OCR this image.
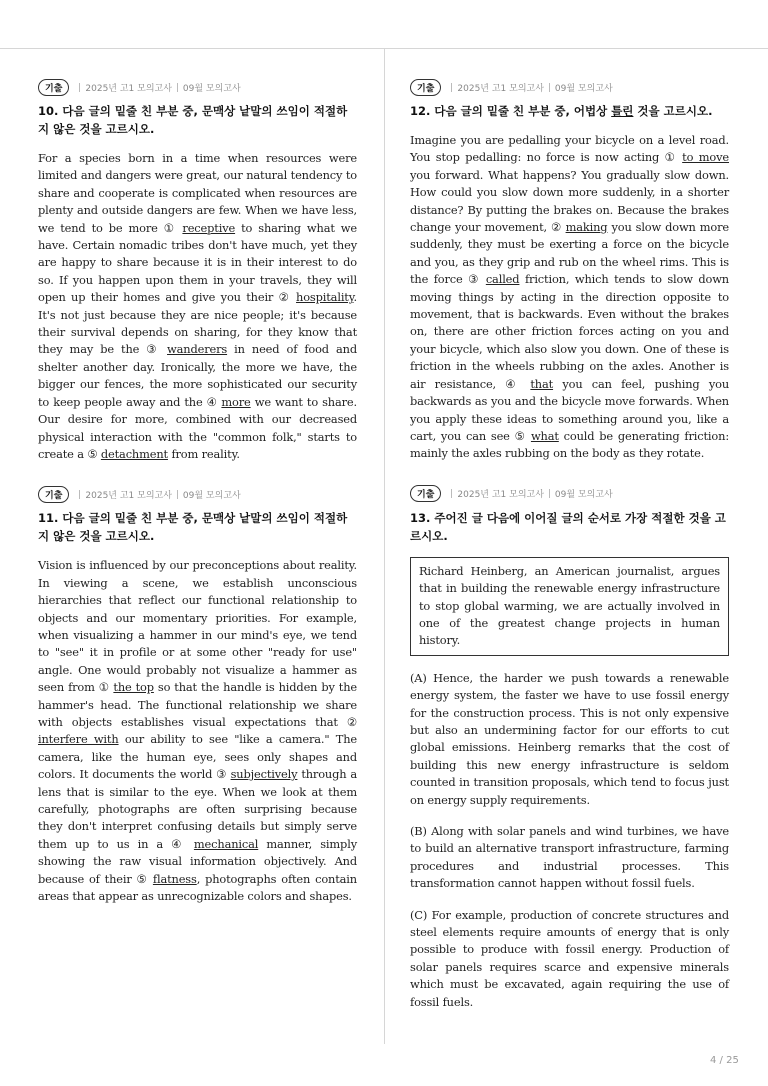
기출	2025년 고1 모의고사 09월 모의고사

10. 다음 글의 밑줄 친 부분 중, 문맥상 낱말의 쓰임이 적절하지 않은 것을 고르시오.

For a species born in a time when resources were limited and dangers were great, our natural tendency to share and cooperate is complicated when resources are plenty and outside dangers are few. When we have less, we tend to be more ① receptive to sharing what we have. Certain nomadic tribes don't have much, yet they are happy to share because it is in their interest to do so. If you happen upon them in your travels, they will open up their homes and give you their ② hospitality. It's not just because they are nice people; it's because their survival depends on sharing, for they know that they may be the ③ wanderers in need of food and shelter another day. Ironically, the more we have, the bigger our fences, the more sophisticated our security to keep people away and the ④ more we want to share. Our desire for more, combined with our decreased physical interaction with the "common folk," starts to create a ⑤ detachment from reality.

기출	2025년 고1 모의고사 09월 모의고사

11. 다음 글의 밑줄 친 부분 중, 문맥상 낱말의 쓰임이 적절하지 않은 것을 고르시오.

Vision is influenced by our preconceptions about reality. In viewing a scene, we establish unconscious hierarchies that reflect our functional relationship to objects and our momentary priorities. For example, when visualizing a hammer in our mind's eye, we tend to "see" it in profile or at some other "ready for use" angle. One would probably not visualize a hammer as seen from ① the top so that the handle is hidden by the hammer's head. The functional relationship we share with objects establishes visual expectations that ② interfere with our ability to see "like a camera." The camera, like the human eye, sees only shapes and colors. It documents the world ③ subjectively through a lens that is similar to the eye. When we look at them carefully, photographs are often surprising because they don't interpret confusing details but simply serve them up to us in a ④ mechanical manner, simply showing the raw visual information objectively. And because of their ⑤ flatness, photographs often contain areas that appear as unrecognizable colors and shapes.

기출	2025년 고1 모의고사 09월 모의고사

12. 다음 글의 밑줄 친 부분 중, 어법상 틀린 것을 고르시오.

Imagine you are pedalling your bicycle on a level road. You stop pedalling: no force is now acting ① to move you forward. What happens? You gradually slow down. How could you slow down more suddenly, in a shorter distance? By putting the brakes on. Because the brakes change your movement, ② making you slow down more suddenly, they must be exerting a force on the bicycle and you, as they grip and rub on the wheel rims. This is the force ③ called friction, which tends to slow down moving things by acting in the direction opposite to movement, that is backwards. Even without the brakes on, there are other friction forces acting on you and your bicycle, which also slow you down. One of these is friction in the wheels rubbing on the axles. Another is air resistance, ④ that you can feel, pushing you backwards as you and the bicycle move forwards. When you apply these ideas to something around you, like a cart, you can see ⑤ what could be generating friction: mainly the axles rubbing on the body as they rotate.

기출	2025년 고1 모의고사 09월 모의고사

13. 주어진 글 다음에 이어질 글의 순서로 가장 적절한 것을 고르시오.

Richard Heinberg, an American journalist, argues that in building the renewable energy infrastructure to stop global warming, we are actually involved in one of the greatest change projects in human history.

(A) Hence, the harder we push towards a renewable energy system, the faster we have to use fossil energy for the construction process. This is not only expensive but also an undermining factor for our efforts to cut global emissions. Heinberg remarks that the cost of building this new energy infrastructure is seldom counted in transition proposals, which tend to focus just on energy supply requirements.

(B) Along with solar panels and wind turbines, we have to build an alternative transport infrastructure, farming procedures and industrial processes. This transformation cannot happen without fossil fuels.

(C) For example, production of concrete structures and steel elements require amounts of energy that is only possible to produce with fossil energy. Production of solar panels requires scarce and expensive minerals which must be excavated, again requiring the use of fossil fuels.

4 / 25
